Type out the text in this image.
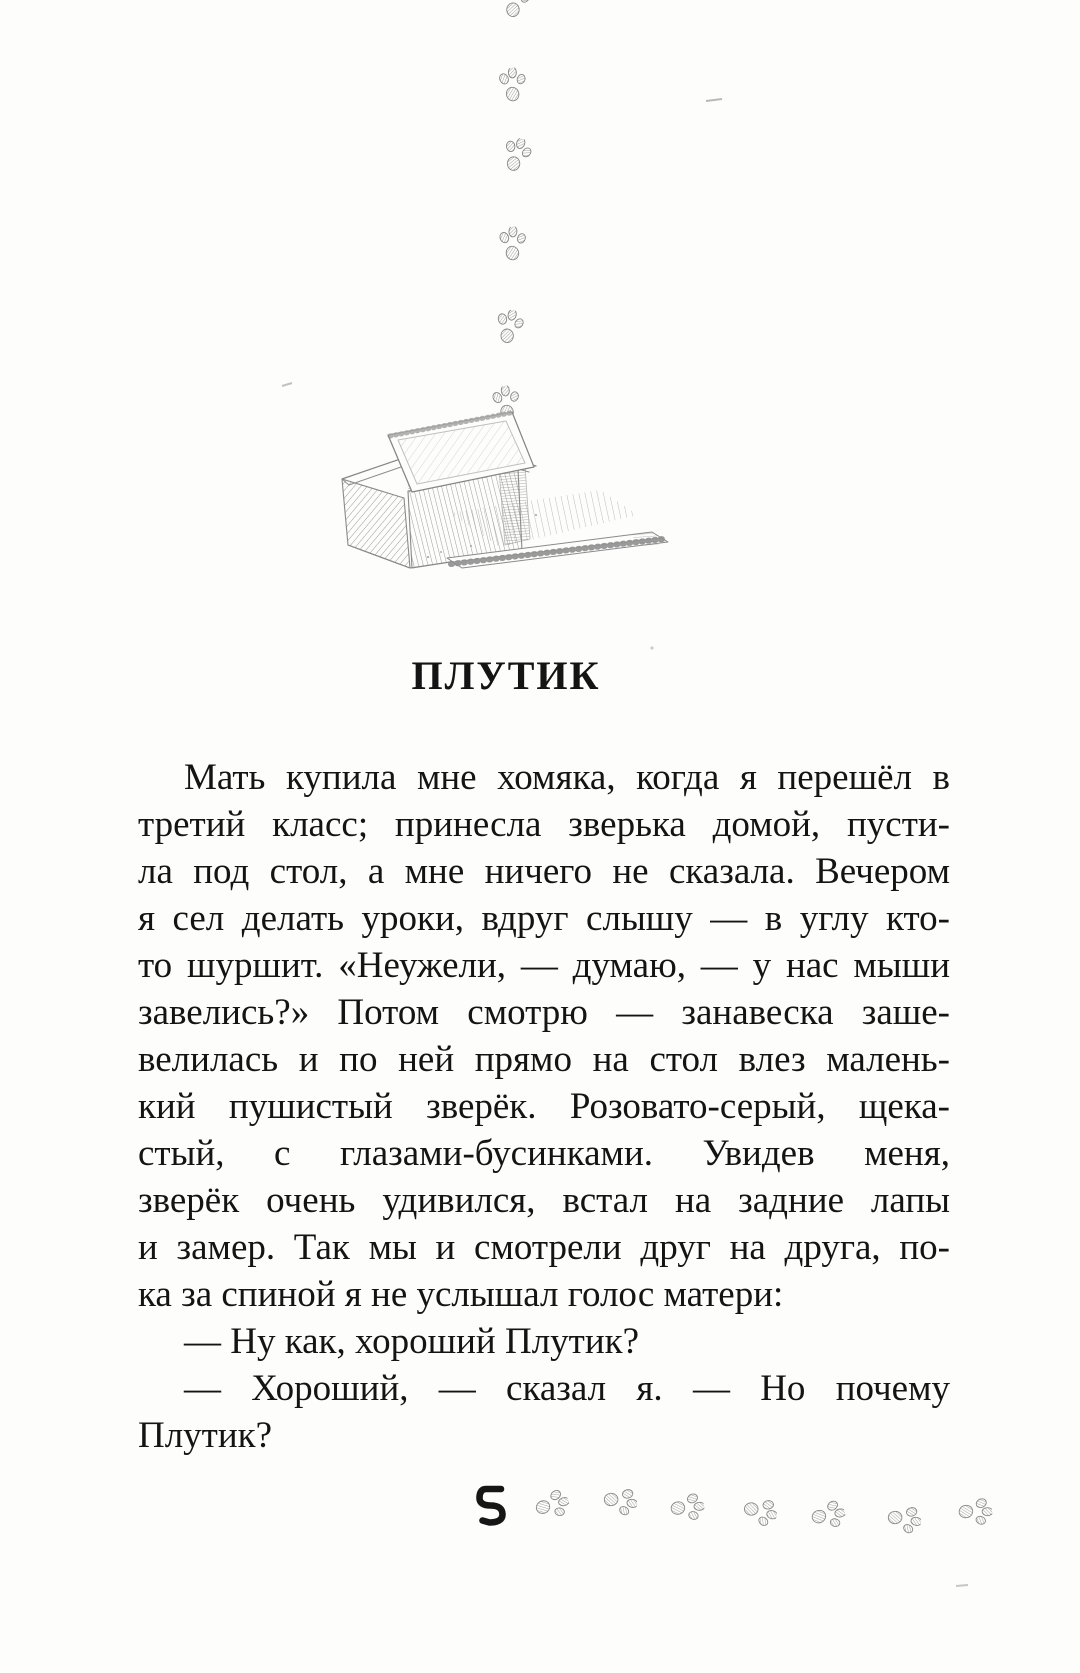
ПЛУТИК
Мать купила мне хомяка, когда я перешёл в
третий класс; принесла зверька домой, пусти-
ла под стол, а мне ничего не сказала. Вечером
я сел делать уроки, вдруг слышу — в углу кто-
то шуршит. «Неужели, — думаю, — у нас мыши
завелись?» Потом смотрю — занавеска заше-
велилась и по ней прямо на стол влез малень-
кий пушистый зверёк. Розовато-серый, щека-
стый, с глазами-бусинками. Увидев меня,
зверёк очень удивился, встал на задние лапы
и замер. Так мы и смотрели друг на друга, по-
ка за спиной я не услышал голос матери:
— Ну как, хороший Плутик?
— Хороший, — сказал я. — Но почему
Плутик?
